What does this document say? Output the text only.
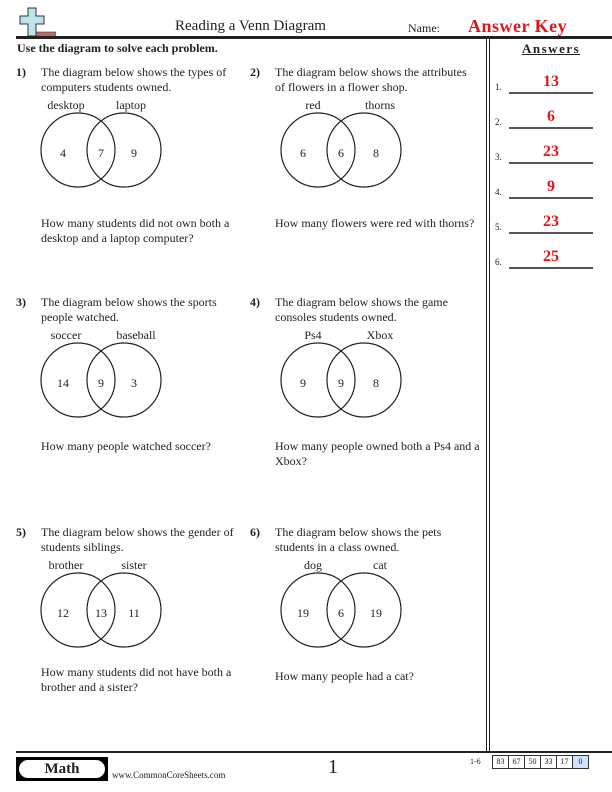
Reading a Venn Diagram	Name: Answer Key
Use the diagram to solve each problem.	Answers
1.	13
2.	6
3.	23
4.	9
5.	23
6.	25
1) The diagram below shows the types of computers students owned.
desktop	laptop
4	7	9
How many students did not own both a desktop and a laptop computer?
2) The diagram below shows the attributes of flowers in a flower shop.
red	thorns
6	6	8
How many flowers were red with thorns?
3) The diagram below shows the sports people watched.
soccer	baseball
14	9	3
How many people watched soccer?
4) The diagram below shows the game consoles students owned.
Ps4	Xbox
9	9	8
How many people owned both a Ps4 and a Xbox?
5) The diagram below shows the gender of students siblings.
brother	sister
12	13	11
How many students did not have both a brother and a sister?
6) The diagram below shows the pets students in a class owned.
dog	cat
19	6	19
How many people had a cat?
Math	www.CommonCoreSheets.com	1	1-6	83	67	50	33	17	0
